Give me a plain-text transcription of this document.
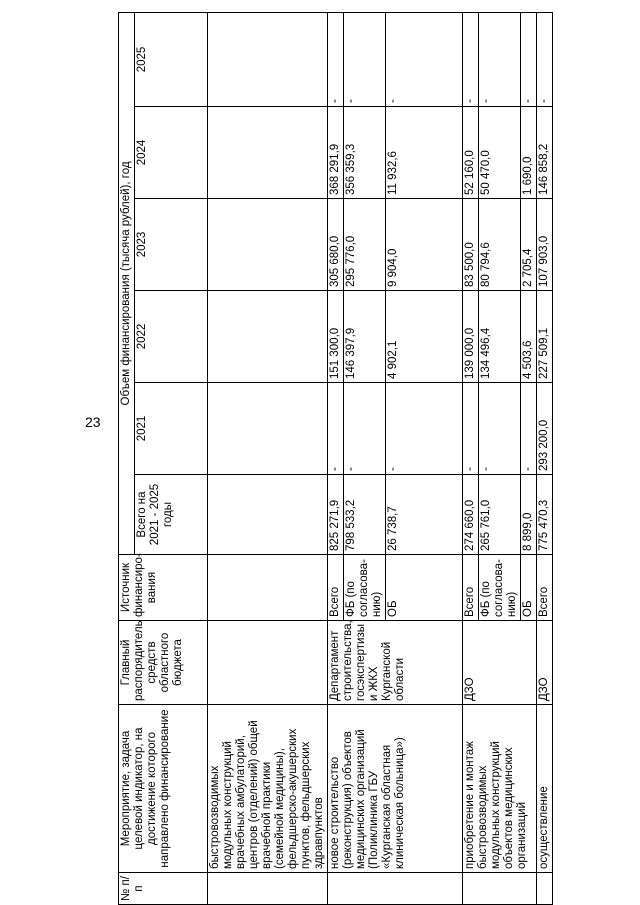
23
№ п/п	Мероприятие, задача целевой индикатор, на достижение которого направлено финансирование	Главный распорядитель средств областного бюджета	Источник финансиро-вания	Объем финансирования (тысяча рублей), год					
				Всего на 2021 - 2025 годы	2021	2022	2023	2024	2025
	быстровозводимых модульных конструкций врачебных амбулаторий, центров (отделений) общей врачебной практики (семейной медицины), фельдшерско-акушерских пунктов, фельдшерских здравпунктов								
	новое строительство (реконструкция) объектов медицинских организаций (Поликлиника ГБУ «Курганская областная клиническая больница»)	Департамент строительства, госэкспертизы и ЖКХ Курганской области	Всего	825 271,9	-	151 300,0	305 680,0	368 291,9	-
			ФБ (по согласова-нию)	798 533,2	-	146 397,9	295 776,0	356 359,3	-
			ОБ	26 738,7	-	4 902,1	9 904,0	11 932,6	-
	приобретение и монтаж быстровозводимых модульных конструкций объектов медицинских организаций	ДЗО	Всего	274 660,0	-	139 000,0	83 500,0	52 160,0	-
			ФБ (по согласова-нию)	265 761,0	-	134 496,4	80 794,6	50 470,0	-
			ОБ	8 899,0	-	4 503,6	2 705,4	1 690,0	-
	осуществление	ДЗО	Всего	775 470,3	293 200,0	227 509,1	107 903,0	146 858,2	-
